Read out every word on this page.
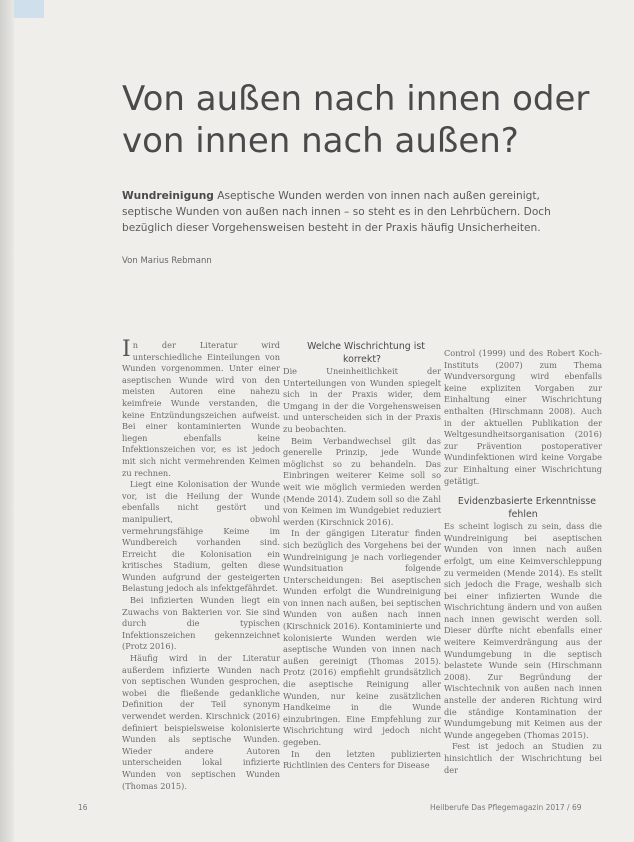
Von außen nach innen oder
von innen nach außen?

Wundreinigung Aseptische Wunden werden von innen nach außen gereinigt, septische Wunden von außen nach innen – so steht es in den Lehrbüchern. Doch bezüglich dieser Vorgehensweisen besteht in der Praxis häufig Unsicherheiten.

Von Marius Rebmann

In der Literatur wird unterschiedliche Einteilungen von Wunden vorgenommen. Unter einer aseptischen Wunde wird von den meisten Autoren eine nahezu keimfreie Wunde verstanden, die keine Entzündungszeichen aufweist. Bei einer kontaminierten Wunde liegen ebenfalls keine Infektionszeichen vor, es ist jedoch mit sich nicht vermehrenden Keimen zu rechnen.

Liegt eine Kolonisation der Wunde vor, ist die Heilung der Wunde ebenfalls nicht gestört und manipuliert, obwohl vermehrungsfähige Keime im Wundbereich vorhanden sind. Erreicht die Kolonisation ein kritisches Stadium, gelten diese Wunden aufgrund der gesteigerten Belastung jedoch als infektgefährdet.

Bei infizierten Wunden liegt ein Zuwachs von Bakterien vor. Sie sind durch die typischen Infektionszeichen gekennzeichnet (Protz 2016).

Häufig wird in der Literatur außerdem infizierte Wunden nach von septischen Wunden gesprochen, wobei die fließende gedankliche Definition der Teil synonym verwendet werden. Kirschnick (2016) definiert beispielsweise kolonisierte Wunden als septische Wunden. Wieder andere Autoren unterscheiden lokal infizierte Wunden von septischen Wunden (Thomas 2015).

Welche Wischrichtung ist korrekt?

Die Uneinheitlichkeit der Unterteilungen von Wunden spiegelt sich in der Praxis wider, dem Umgang in der die Vorgehensweisen und unterscheiden sich in der Praxis zu beobachten.

Beim Verbandwechsel gilt das generelle Prinzip, jede Wunde möglichst so zu behandeln. Das Einbringen weiterer Keime soll so weit wie möglich vermieden werden (Mende 2014). Zudem soll so die Zahl von Keimen im Wundgebiet reduziert werden (Kirschnick 2016).

In der gängigen Literatur finden sich bezüglich des Vorgehens bei der Wundreinigung je nach vorliegender Wundsituation folgende Unterscheidungen: Bei aseptischen Wunden erfolgt die Wundreinigung von innen nach außen, bei septischen Wunden von außen nach innen (Kirschnick 2016). Kontaminierte und kolonisierte Wunden werden wie aseptische Wunden von innen nach außen gereinigt (Thomas 2015). Protz (2016) empfiehlt grundsätzlich die aseptische Reinigung aller Wunden, nur keine zusätzlichen Handkeime in die Wunde einzubringen. Eine Empfehlung zur Wischrichtung wird jedoch nicht gegeben.

In den letzten publizierten Richtlinien des Centers for Disease

Control (1999) und des Robert Koch-Instituts (2007) zum Thema Wundversorgung wird ebenfalls keine expliziten Vorgaben zur Einhaltung einer Wischrichtung enthalten (Hirschmann 2008). Auch in der aktuellen Publikation der Weltgesundheitsorganisation (2016) zur Prävention postoperativer Wundinfektionen wird keine Vorgabe zur Einhaltung einer Wischrichtung getätigt.

Evidenzbasierte Erkenntnisse fehlen

Es scheint logisch zu sein, dass die Wundreinigung bei aseptischen Wunden von innen nach außen erfolgt, um eine Keimverschleppung zu vermeiden (Mende 2014). Es stellt sich jedoch die Frage, weshalb sich bei einer infizierten Wunde die Wischrichtung ändern und von außen nach innen gewischt werden soll. Dieser dürfte nicht ebenfalls einer weitere Keimverdrängung aus der Wundumgebung in die septisch belastete Wunde sein (Hirschmann 2008). Zur Begründung der Wischtechnik von außen nach innen anstelle der anderen Richtung wird die ständige Kontamination der Wundumgebung mit Keimen aus der Wunde angegeben (Thomas 2015).

Fest ist jedoch an Studien zu hinsichtlich der Wischrichtung bei der

16	Heilberufe Das Pflegemagazin 2017 / 69
